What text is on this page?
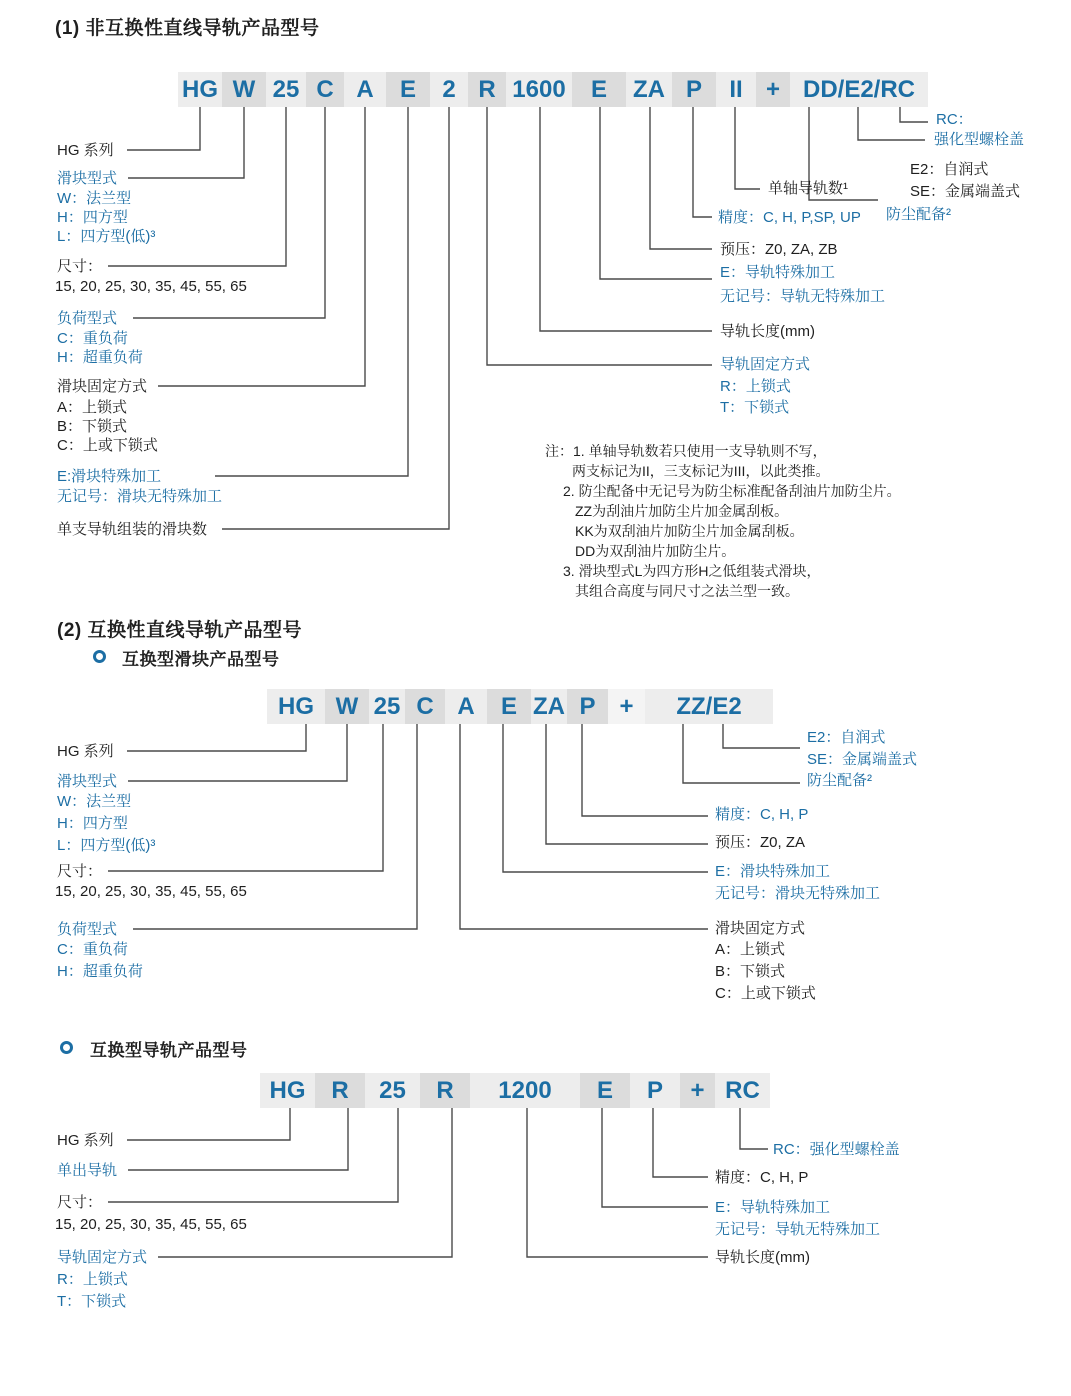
(1) 非互换性直线导轨产品型号
HG W 25 C A	E	2 R 1600	E	ZA P	II + DD/E2/RC
HG 系列
滑块型式
W：法兰型
H：四方型
L：四方型(低)³
尺寸：
15, 20, 25, 30, 35, 45, 55, 65
负荷型式
C：重负荷
H：超重负荷
滑块固定方式
A：上锁式
B：下锁式
C：上或下锁式
E:滑块特殊加工
无记号：滑块无特殊加工
单支导轨组装的滑块数
RC：
强化型螺栓盖
E2：自润式
SE：金属端盖式
防尘配备²
单轴导轨数¹
精度：C, H, P,SP, UP
预压：Z0, ZA, ZB
E：导轨特殊加工
无记号：导轨无特殊加工
导轨长度(mm)
导轨固定方式
R：上锁式
T：下锁式
注：1. 单轴导轨数若只使用一支导轨则不写，
两支标记为II，三支标记为III，以此类推。
2. 防尘配备中无记号为防尘标准配备刮油片加防尘片。
ZZ为刮油片加防尘片加金属刮板。
KK为双刮油片加防尘片加金属刮板。
DD为双刮油片加防尘片。
3. 滑块型式L为四方形H之低组装式滑块，
其组合高度与同尺寸之法兰型一致。
(2) 互换性直线导轨产品型号
互换型滑块产品型号
HG W 25 C A	E ZA P +	ZZ/E2
HG 系列
滑块型式
W：法兰型
H：四方型
L：四方型(低)³
尺寸：
15, 20, 25, 30, 35, 45, 55, 65
负荷型式
C：重负荷
H：超重负荷
E2：自润式
SE：金属端盖式
防尘配备²
精度：C, H, P
预压：Z0, ZA
E：滑块特殊加工
无记号：滑块无特殊加工
滑块固定方式
A：上锁式
B：下锁式
C：上或下锁式
互换型导轨产品型号
HG	R	25	R	1200	E	P	+ RC
HG 系列
单出导轨
尺寸：
15, 20, 25, 30, 35, 45, 55, 65
导轨固定方式
R：上锁式
T：下锁式
RC：强化型螺栓盖
精度：C, H, P
E：导轨特殊加工
无记号：导轨无特殊加工
导轨长度(mm)
